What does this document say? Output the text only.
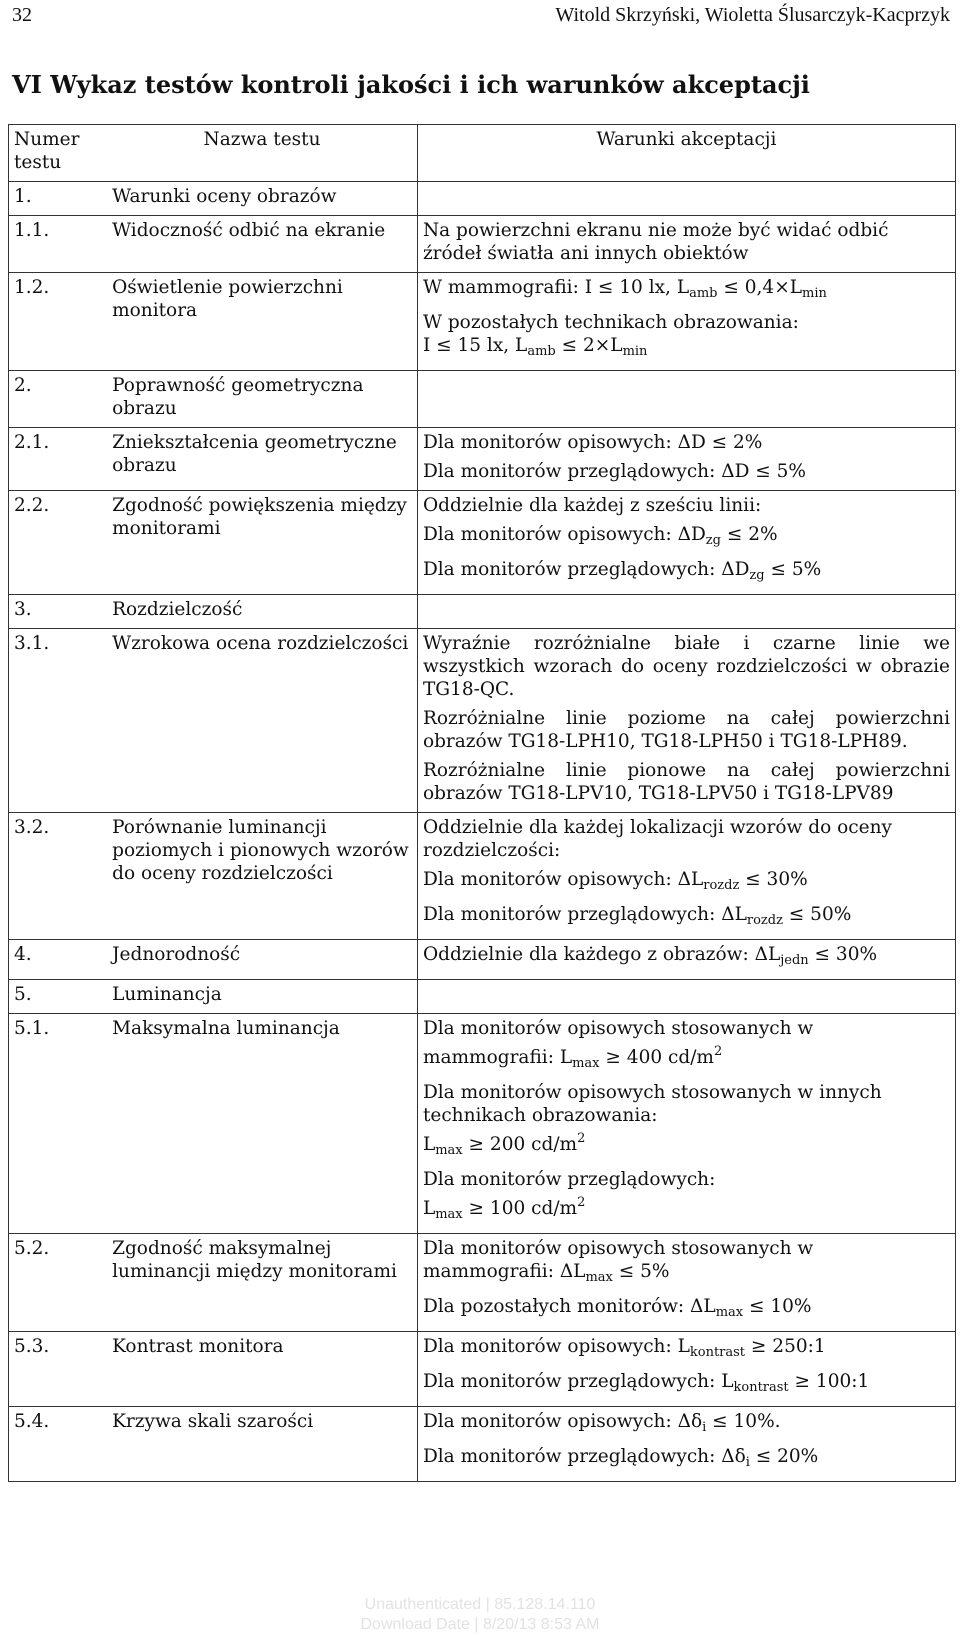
32	Witold Skrzyński, Wioletta Ślusarczyk-Kacprzyk
VI Wykaz testów kontroli jakości i ich warunków akceptacji
Numer testu	Nazwa testu	Warunki akceptacji
1.	Warunki oceny obrazów	
1.1.	Widoczność odbić na ekranie	Na powierzchni ekranu nie może być widać odbić źródeł światła ani innych obiektów

1.2.	Oświetlenie powierzchni monitora	W mammografii: I ≤ 10 lx, $L_{amb} \le 0,4\times L_{min}$

W pozostałych technikach obrazowania:
I ≤ 15 lx, $L_{amb} \le 2\times L_{min}$

2.	Poprawność geometryczna obrazu	
2.1.	Zniekształcenia geometryczne obrazu	Dla monitorów opisowych: ΔD ≤ 2%

Dla monitorów przeglądowych: ΔD ≤ 5%

2.2.	Zgodność powiększenia między monitorami	Oddzielnie dla każdej z sześciu linii:

Dla monitorów opisowych: $\Delta D_{zg} \le 2\%$

Dla monitorów przeglądowych: $\Delta D_{zg} \le 5\%$

3.	Rozdzielczość	
3.1.	Wzrokowa ocena rozdzielczości	Wyraźnie rozróżnialne białe i czarne linie we wszystkich wzorach do oceny rozdzielczości w obrazie TG18-QC.

Rozróżnialne linie poziome na całej powierzchni obrazów TG18-LPH10, TG18-LPH50 i TG18-LPH89.

Rozróżnialne linie pionowe na całej powierzchni obrazów TG18-LPV10, TG18-LPV50 i TG18-LPV89

3.2.	Porównanie luminancji poziomych i pionowych wzorów do oceny rozdzielczości	Oddzielnie dla każdej lokalizacji wzorów do oceny rozdzielczości:

Dla monitorów opisowych: $\Delta L_{rozdz} \le 30\%$

Dla monitorów przeglądowych: $\Delta L_{rozdz} \le 50\%$

4.	Jednorodność	Oddzielnie dla każdego z obrazów: $\Delta L_{jedn} \le 30\%$

5.	Luminancja	
5.1.	Maksymalna luminancja	Dla monitorów opisowych stosowanych w mammografii: $L_{max} \ge 400$ $cd/m^2$

Dla monitorów opisowych stosowanych w innych technikach obrazowania:
$L_{max} \ge 200$ $cd/m^2$

Dla monitorów przeglądowych:
$L_{max} \ge 100$ $cd/m^2$

5.2.	Zgodność maksymalnej luminancji między monitorami	Dla monitorów opisowych stosowanych w mammografii: $\Delta L_{max} \le 5\%$

Dla pozostałych monitorów: $\Delta L_{max} \le 10\%$

5.3.	Kontrast monitora	Dla monitorów opisowych: $L_{kontrast}$ ≥ 250:1

Dla monitorów przeglądowych: $L_{kontrast}$ ≥ 100:1

5.4.	Krzywa skali szarości	Dla monitorów opisowych: $\Delta\delta_i \le 10\%$.

Dla monitorów przeglądowych: $\Delta\delta_i \le 20\%$

Unauthenticated | 85.128.14.110
Download Date | 8/20/13 8:53 AM
